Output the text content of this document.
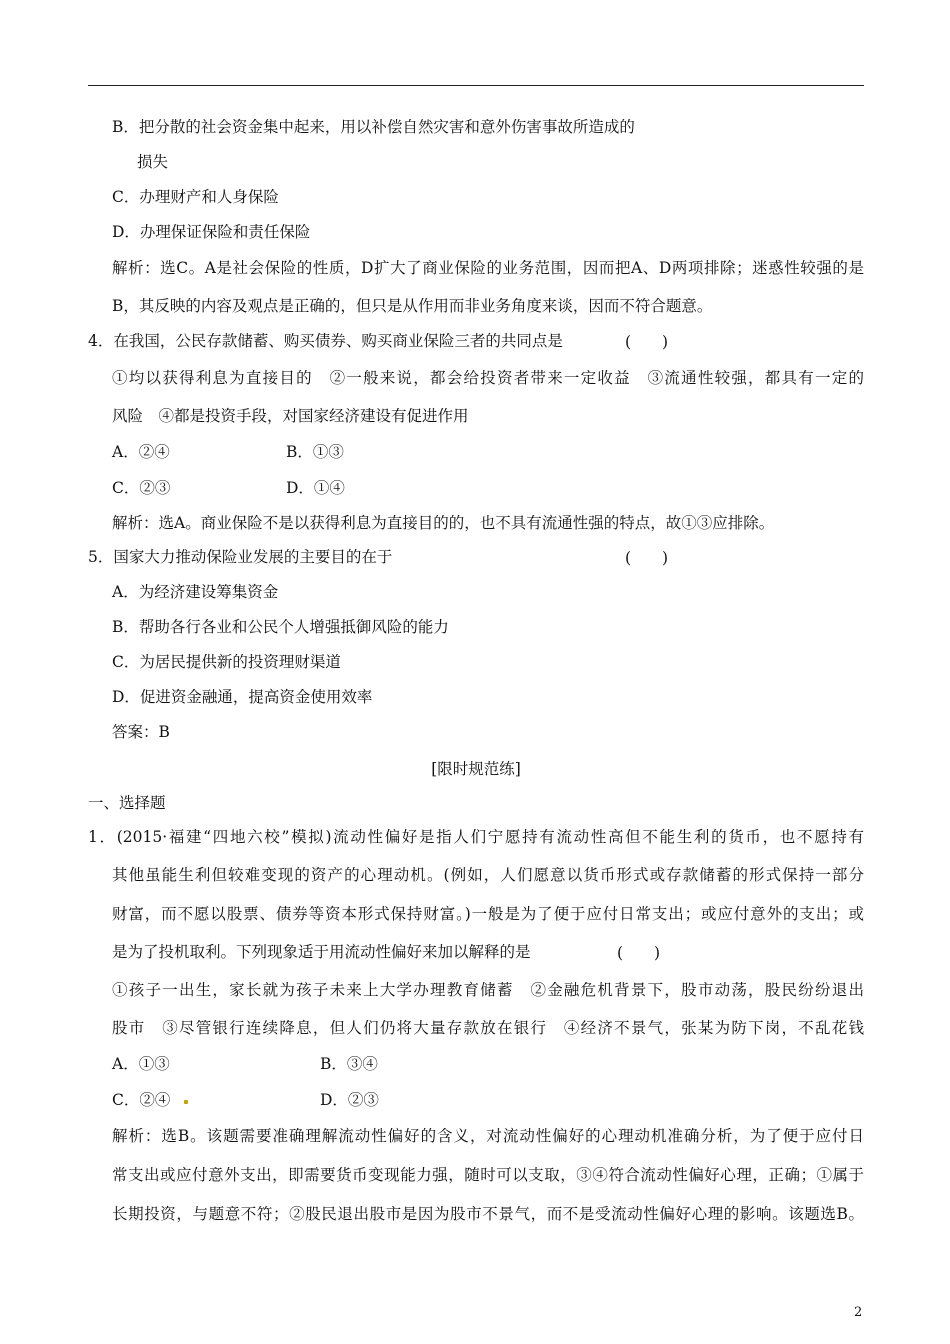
B．把分散的社会资金集中起来，用以补偿自然灾害和意外伤害事故所造成的
损失
C．办理财产和人身保险
D．办理保证保险和责任保险
解析：选C。A是社会保险的性质，D扩大了商业保险的业务范围，因而把A、D两项排除；迷惑性较强的是
B，其反映的内容及观点是正确的，但只是从作用而非业务角度来谈，因而不符合题意。
4．在我国，公民存款储蓄、购买债券、购买商业保险三者的共同点是	(　　)
①均以获得利息为直接目的　②一般来说，都会给投资者带来一定收益　③流通性较强，都具有一定的
风险　④都是投资手段，对国家经济建设有促进作用
A．②④	B．①③
C．②③	D．①④
解析：选A。商业保险不是以获得利息为直接目的的，也不具有流通性强的特点，故①③应排除。
5．国家大力推动保险业发展的主要目的在于	(　　)
A．为经济建设筹集资金
B．帮助各行各业和公民个人增强抵御风险的能力
C．为居民提供新的投资理财渠道
D．促进资金融通，提高资金使用效率
答案：B
[限时规范练]
一、选择题
1．(2015·福建“四地六校”模拟)流动性偏好是指人们宁愿持有流动性高但不能生利的货币，也不愿持有
其他虽能生利但较难变现的资产的心理动机。(例如，人们愿意以货币形式或存款储蓄的形式保持一部分
财富，而不愿以股票、债券等资本形式保持财富。)一般是为了便于应付日常支出；或应付意外的支出；或
是为了投机取利。下列现象适于用流动性偏好来加以解释的是	(　　)
①孩子一出生，家长就为孩子未来上大学办理教育储蓄　②金融危机背景下，股市动荡，股民纷纷退出
股市　③尽管银行连续降息，但人们仍将大量存款放在银行　④经济不景气，张某为防下岗，不乱花钱
A．①③	B．③④
C．②④	D．②③
解析：选B。该题需要准确理解流动性偏好的含义，对流动性偏好的心理动机准确分析，为了便于应付日
常支出或应付意外支出，即需要货币变现能力强，随时可以支取，③④符合流动性偏好心理，正确；①属于
长期投资，与题意不符；②股民退出股市是因为股市不景气，而不是受流动性偏好心理的影响。该题选B。
2
